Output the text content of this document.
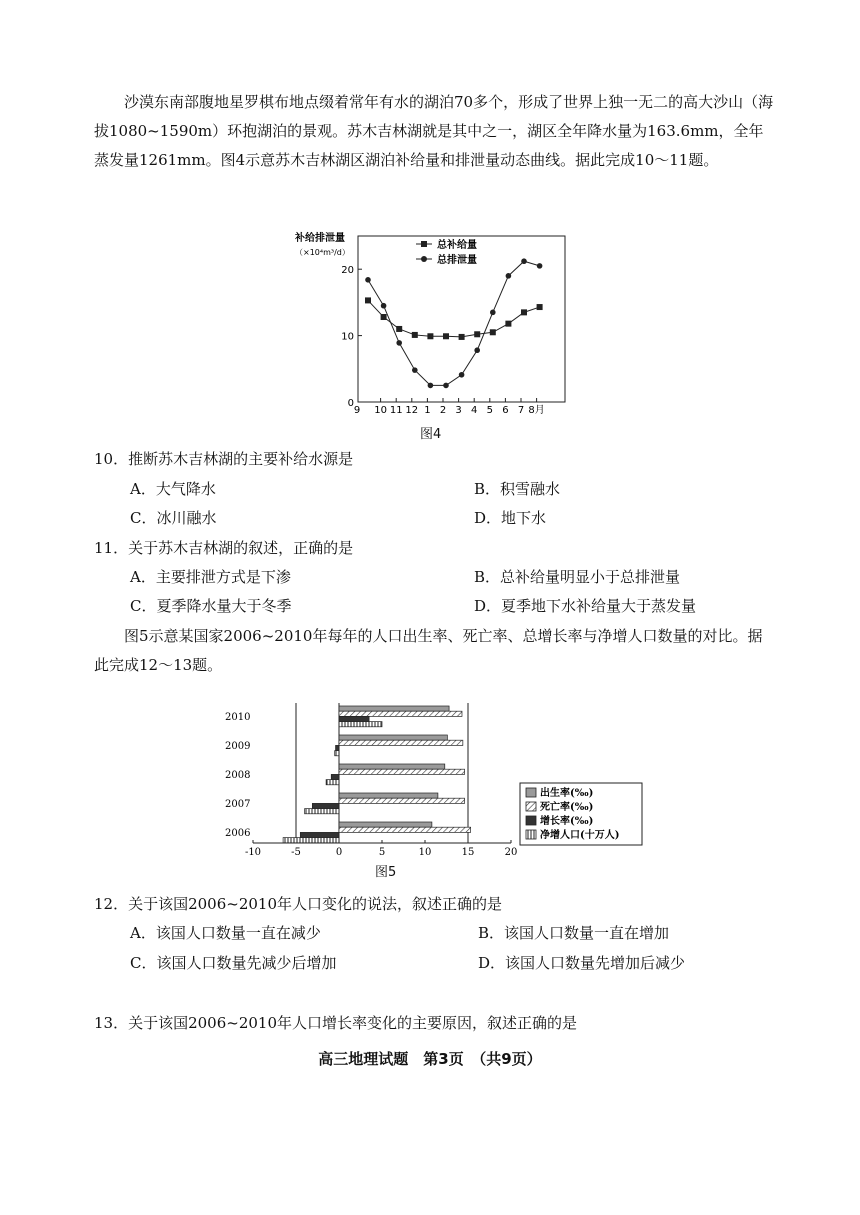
沙漠东南部腹地星罗棋布地点缀着常年有水的湖泊70多个，形成了世界上独一无二的高大沙山（海拔1080~1590m）环抱湖泊的景观。苏木吉林湖就是其中之一，湖区全年降水量为163.6mm，全年蒸发量1261mm。图4示意苏木吉林湖区湖泊补给量和排泄量动态曲线。据此完成10～11题。

补给排泄量
（×10⁴m³/d）
总补给量
总排泄量
0
10
20
9 10 11 12 1 2 3 4 5 6 7 8月
图4
10．推断苏木吉林湖的主要补给水源是
A．大气降水	B．积雪融水
C．冰川融水	D．地下水
11．关于苏木吉林湖的叙述，正确的是
A．主要排泄方式是下渗	B．总补给量明显小于总排泄量
C．夏季降水量大于冬季	D．夏季地下水补给量大于蒸发量

图5示意某国家2006~2010年每年的人口出生率、死亡率、总增长率与净增人口数量的对比。据此完成12～13题。

-10	-5	0	5	10	15	20
2010
2009
2008
2007
2006
出生率(‰)
死亡率(‰)
增长率(‰)
净增人口(十万人)
图5
12．关于该国2006~2010年人口变化的说法，叙述正确的是
A．该国人口数量一直在减少	B．该国人口数量一直在增加
C．该国人口数量先减少后增加	D．该国人口数量先增加后减少
13．关于该国2006~2010年人口增长率变化的主要原因，叙述正确的是
高三地理试题　第3页　（共9页）
